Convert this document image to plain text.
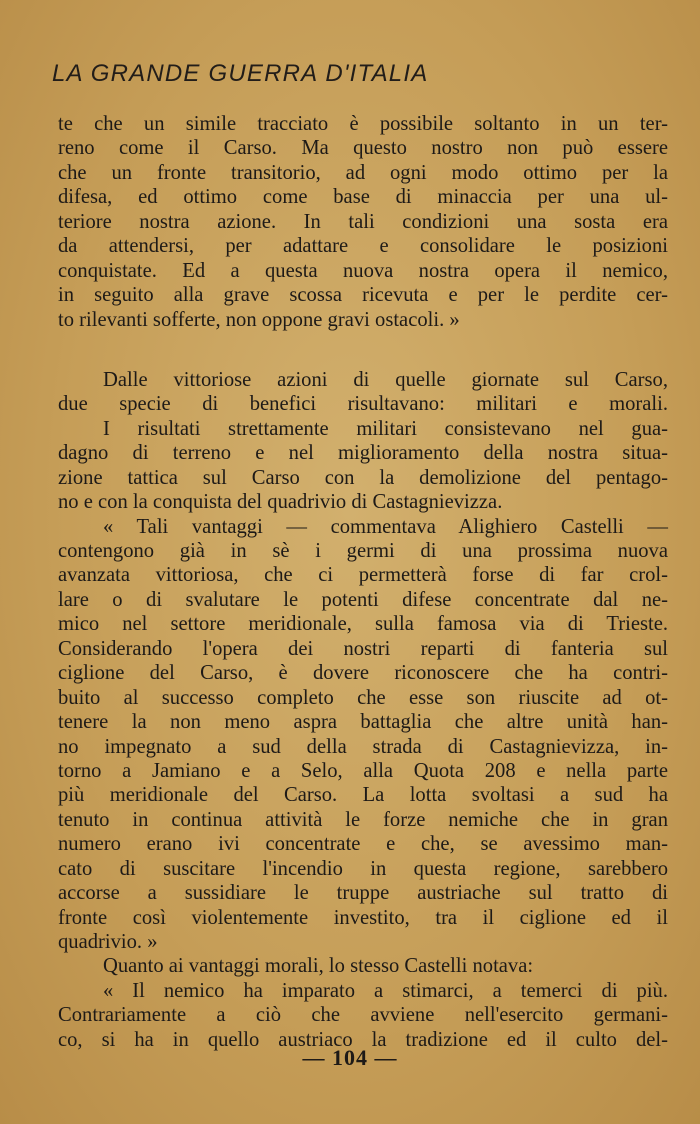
LA GRANDE GUERRA D'ITALIA
te che un simile tracciato è possibile soltanto in un ter-
reno come il Carso. Ma questo nostro non può essere
che un fronte transitorio, ad ogni modo ottimo per la
difesa, ed ottimo come base di minaccia per una ul-
teriore nostra azione. In tali condizioni una sosta era
da attendersi, per adattare e consolidare le posizioni
conquistate. Ed a questa nuova nostra opera il nemico,
in seguito alla grave scossa ricevuta e per le perdite cer-
to rilevanti sofferte, non oppone gravi ostacoli. »
Dalle vittoriose azioni di quelle giornate sul Carso,
due specie di benefici risultavano: militari e morali.
I risultati strettamente militari consistevano nel gua-
dagno di terreno e nel miglioramento della nostra situa-
zione tattica sul Carso con la demolizione del pentago-
no e con la conquista del quadrivio di Castagnievizza.
« Tali vantaggi — commentava Alighiero Castelli —
contengono già in sè i germi di una prossima nuova
avanzata vittoriosa, che ci permetterà forse di far crol-
lare o di svalutare le potenti difese concentrate dal ne-
mico nel settore meridionale, sulla famosa via di Trieste.
Considerando l'opera dei nostri reparti di fanteria sul
ciglione del Carso, è dovere riconoscere che ha contri-
buito al successo completo che esse son riuscite ad ot-
tenere la non meno aspra battaglia che altre unità han-
no impegnato a sud della strada di Castagnievizza, in-
torno a Jamiano e a Selo, alla Quota 208 e nella parte
più meridionale del Carso. La lotta svoltasi a sud ha
tenuto in continua attività le forze nemiche che in gran
numero erano ivi concentrate e che, se avessimo man-
cato di suscitare l'incendio in questa regione, sarebbero
accorse a sussidiare le truppe austriache sul tratto di
fronte così violentemente investito, tra il ciglione ed il
quadrivio. »
Quanto ai vantaggi morali, lo stesso Castelli notava:
« Il nemico ha imparato a stimarci, a temerci di più.
Contrariamente a ciò che avviene nell'esercito germani-
co, si ha in quello austriaco la tradizione ed il culto del-
— 104 —
